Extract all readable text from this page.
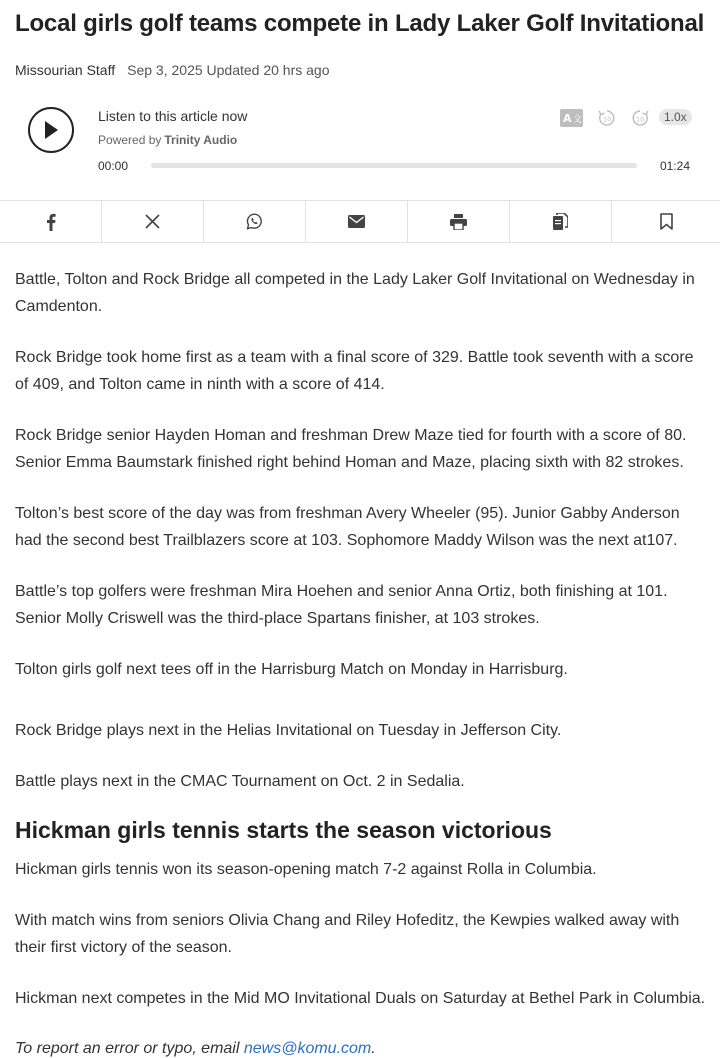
Local girls golf teams compete in Lady Laker Golf Invitational
Missourian Staff Sep 3, 2025 Updated 20 hrs ago
Listen to this article now
Powered by Trinity Audio
00:00	01:24
A 文	10	10	1.0x

Battle, Tolton and Rock Bridge all competed in the Lady Laker Golf Invitational on Wednesday in Camdenton.

Rock Bridge took home first as a team with a final score of 329. Battle took seventh with a score of 409, and Tolton came in ninth with a score of 414.

Rock Bridge senior Hayden Homan and freshman Drew Maze tied for fourth with a score of 80. Senior Emma Baumstark finished right behind Homan and Maze, placing sixth with 82 strokes.

Tolton’s best score of the day was from freshman Avery Wheeler (95). Junior Gabby Anderson had the second best Trailblazers score at 103. Sophomore Maddy Wilson was the next at107.

Battle’s top golfers were freshman Mira Hoehen and senior Anna Ortiz, both finishing at 101. Senior Molly Criswell was the third-place Spartans finisher, at 103 strokes.

Tolton girls golf next tees off in the Harrisburg Match on Monday in Harrisburg.

Rock Bridge plays next in the Helias Invitational on Tuesday in Jefferson City.

Battle plays next in the CMAC Tournament on Oct. 2 in Sedalia.

Hickman girls tennis starts the season victorious

Hickman girls tennis won its season-opening match 7-2 against Rolla in Columbia.

With match wins from seniors Olivia Chang and Riley Hofeditz, the Kewpies walked away with their first victory of the season.

Hickman next competes in the Mid MO Invitational Duals on Saturday at Bethel Park in Columbia.

To report an error or typo, email news@komu.com.
